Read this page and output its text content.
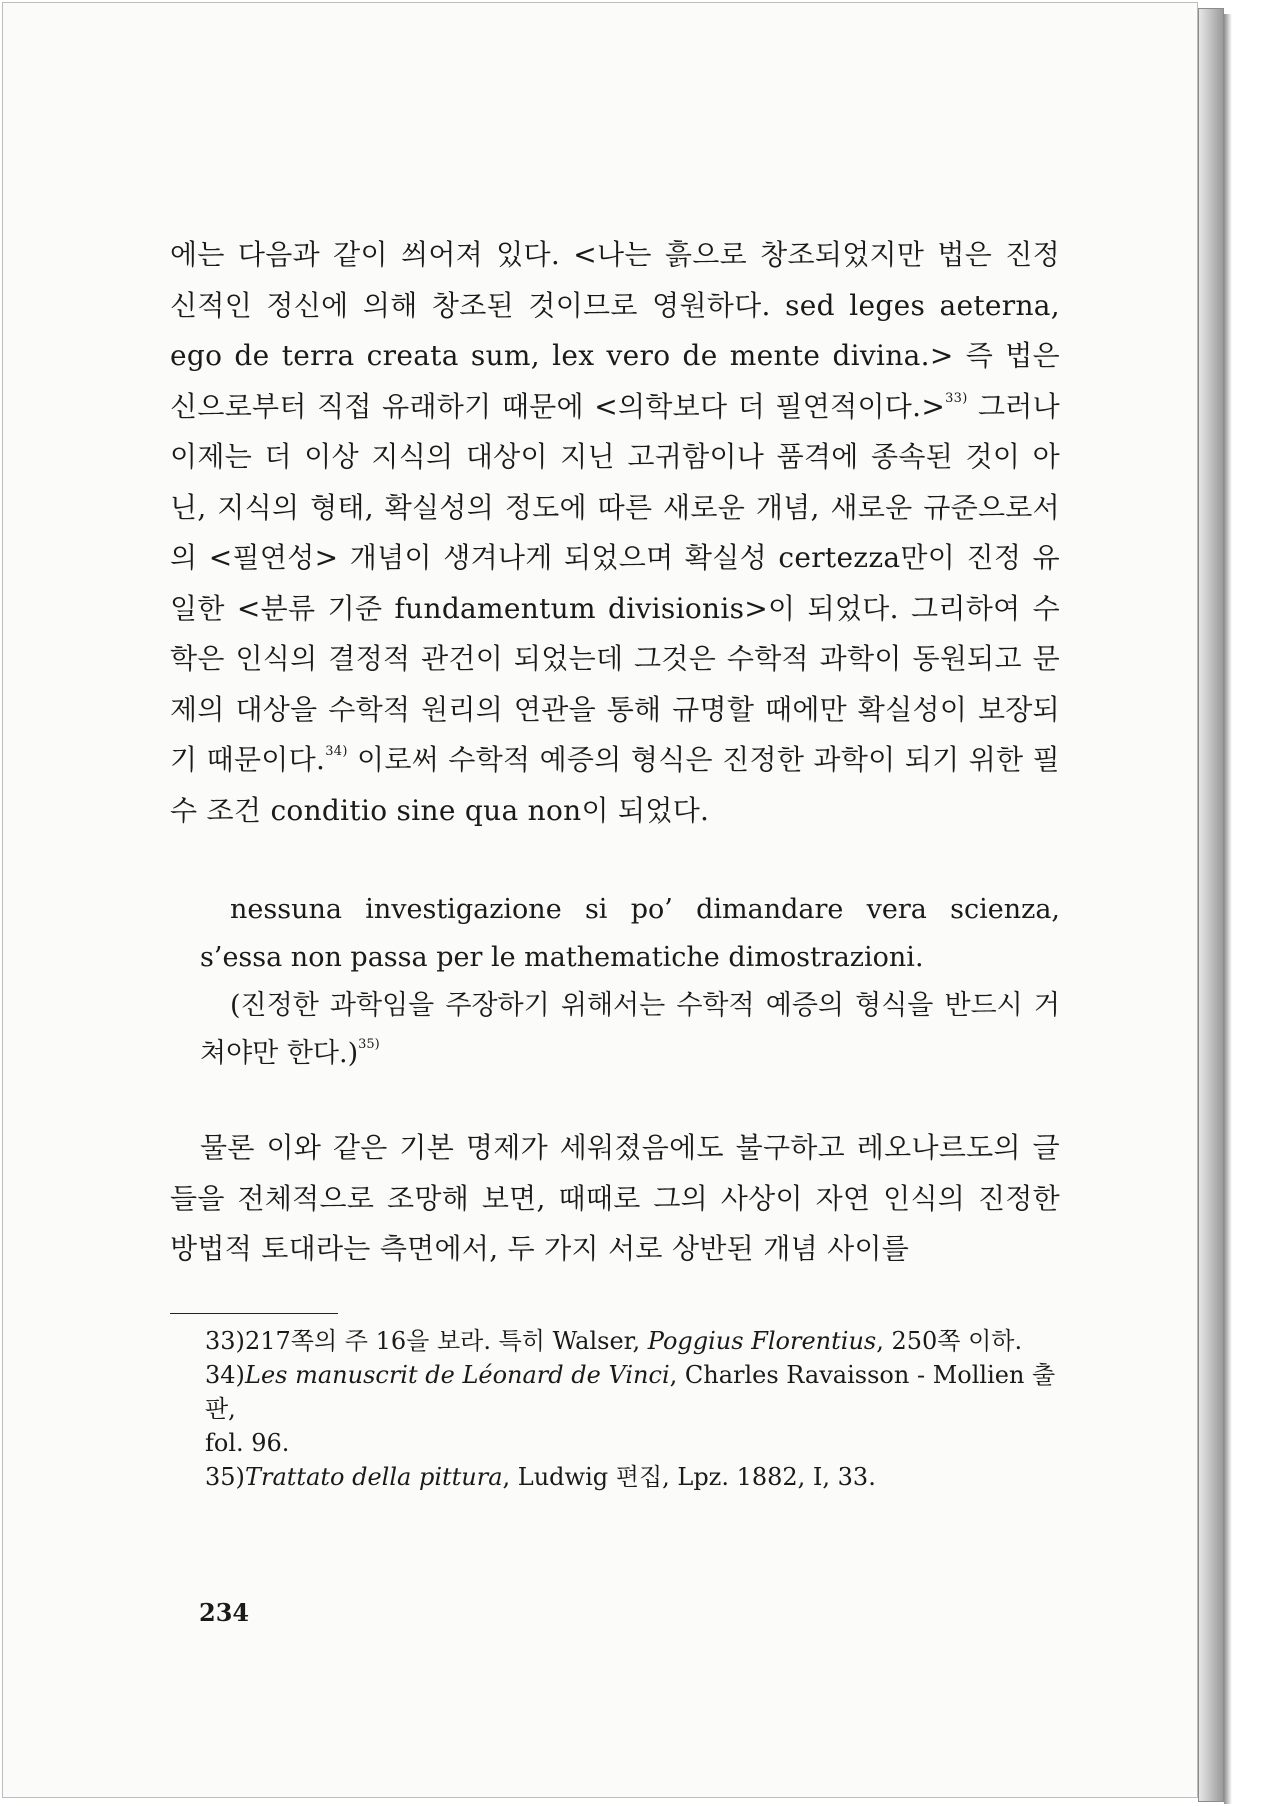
에는 다음과 같이 씌어져 있다. <나는 흙으로 창조되었지만 법은 진정 신적인 정신에 의해 창조된 것이므로 영원하다. sed leges aeterna, ego de terra creata sum, lex vero de mente divina.> 즉 법은 신으로부터 직접 유래하기 때문에 <의학보다 더 필연적이다.>$^{33)}$ 그러나 이제는 더 이상 지식의 대상이 지닌 고귀함이나 품격에 종속된 것이 아닌, 지식의 형태, 확실성의 정도에 따른 새로운 개념, 새로운 규준으로서의 <필연성> 개념이 생겨나게 되었으며 확실성 certezza만이 진정 유일한 <분류 기준 fundamentum divisionis>이 되었다. 그리하여 수학은 인식의 결정적 관건이 되었는데 그것은 수학적 과학이 동원되고 문제의 대상을 수학적 원리의 연관을 통해 규명할 때에만 확실성이 보장되기 때문이다.$^{34)}$ 이로써 수학적 예증의 형식은 진정한 과학이 되기 위한 필수 조건 conditio sine qua non이 되었다.

nessuna investigazione si po’ dimandare vera scienza, s’essa non passa per le mathematiche dimostrazioni.

(진정한 과학임을 주장하기 위해서는 수학적 예증의 형식을 반드시 거쳐야만 한다.)$^{35)}$

물론 이와 같은 기본 명제가 세워졌음에도 불구하고 레오나르도의 글들을 전체적으로 조망해 보면, 때때로 그의 사상이 자연 인식의 진정한 방법적 토대라는 측면에서, 두 가지 서로 상반된 개념 사이를

33)217쪽의 주 16을 보라. 특히 Walser, Poggius Florentius, 250쪽 이하.

34)Les manuscrit de Léonard de Vinci, Charles Ravaisson - Mollien 출판,

fol. 96.

35)Trattato della pittura, Ludwig 편집, Lpz. 1882, I, 33.

234
